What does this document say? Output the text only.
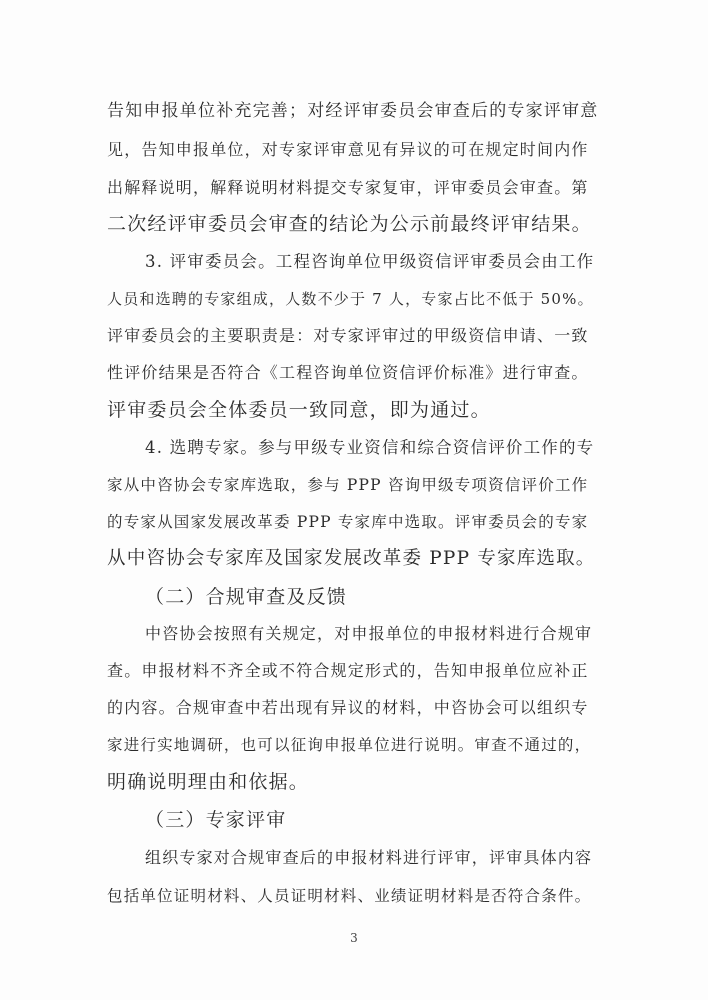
告知申报单位补充完善；对经评审委员会审查后的专家评审意
见，告知申报单位，对专家评审意见有异议的可在规定时间内作
出解释说明，解释说明材料提交专家复审，评审委员会审查。第
二次经评审委员会审查的结论为公示前最终评审结果。
3. 评审委员会。工程咨询单位甲级资信评审委员会由工作
人员和选聘的专家组成，人数不少于 7 人，专家占比不低于 50%。
评审委员会的主要职责是：对专家评审过的甲级资信申请、一致
性评价结果是否符合《工程咨询单位资信评价标准》进行审查。
评审委员会全体委员一致同意，即为通过。
4. 选聘专家。参与甲级专业资信和综合资信评价工作的专
家从中咨协会专家库选取，参与 PPP 咨询甲级专项资信评价工作
的专家从国家发展改革委 PPP 专家库中选取。评审委员会的专家
从中咨协会专家库及国家发展改革委 PPP 专家库选取。
（二）合规审查及反馈
中咨协会按照有关规定，对申报单位的申报材料进行合规审
查。申报材料不齐全或不符合规定形式的，告知申报单位应补正
的内容。合规审查中若出现有异议的材料，中咨协会可以组织专
家进行实地调研，也可以征询申报单位进行说明。审查不通过的，
明确说明理由和依据。
（三）专家评审
组织专家对合规审查后的申报材料进行评审，评审具体内容
包括单位证明材料、人员证明材料、业绩证明材料是否符合条件。
3
